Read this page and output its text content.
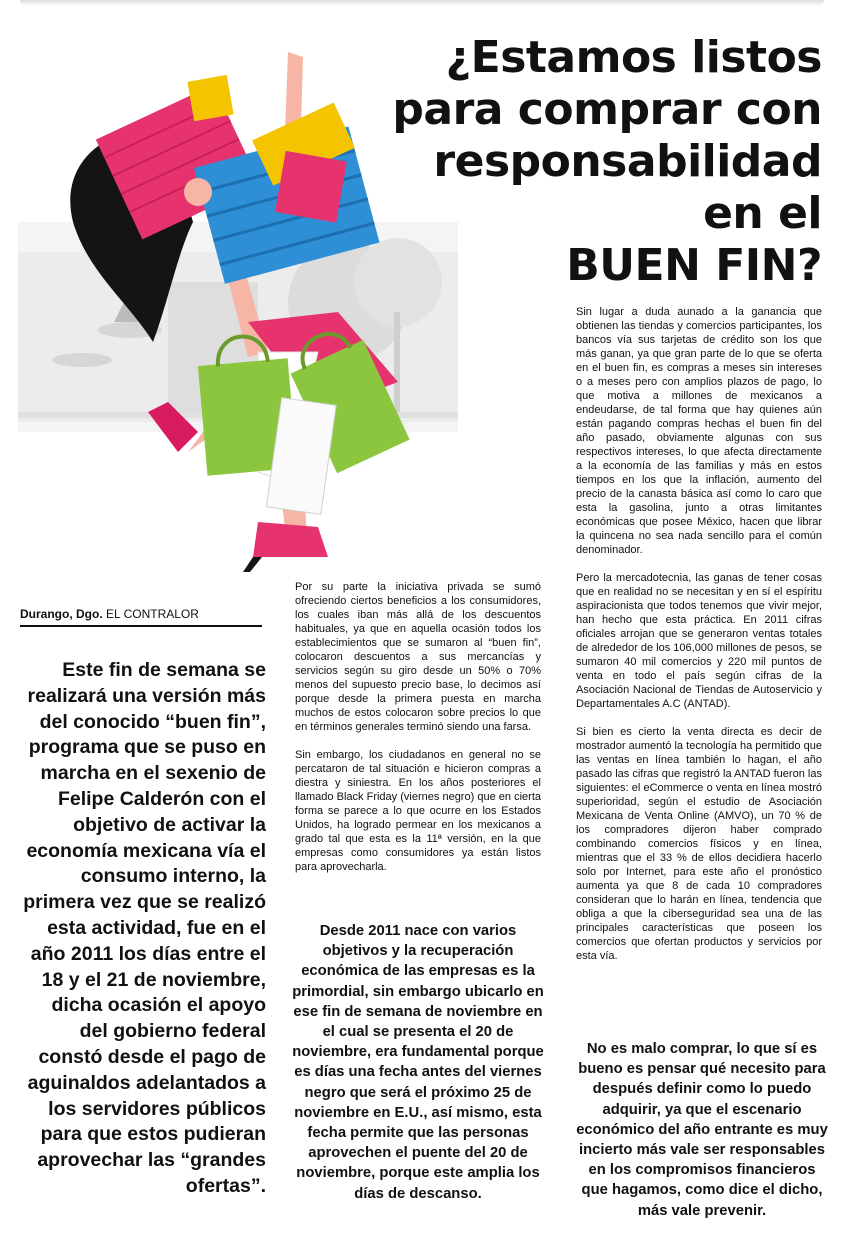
¿Estamos listos
para comprar con
responsabilidad
en el
BUEN FIN?
Durango, Dgo. EL CONTRALOR

Este fin de semana se realizará una versión más del conocido “buen fin”, programa que se puso en marcha en el sexenio de Felipe Calderón con el objetivo de activar la economía mexicana vía el consumo interno, la primera vez que se realizó esta actividad, fue en el año 2011 los días entre el 18 y el 21 de noviembre, dicha ocasión el apoyo del gobierno federal constó desde el pago de aguinaldos adelantados a los servidores públicos para que estos pudieran aprovechar las “grandes ofertas”.

Por su parte la iniciativa privada se sumó ofreciendo ciertos beneficios a los consumidores, los cuales iban más allá de los descuentos habituales, ya que en aquella ocasión todos los establecimientos que se sumaron al “buen fin”, colocaron descuentos a sus mercancías y servicios según su giro desde un 50% o 70% menos del supuesto precio base, lo decimos así porque desde la primera puesta en marcha muchos de estos colocaron sobre precios lo que en términos generales terminó siendo una farsa.

Sin embargo, los ciudadanos en general no se percataron de tal situación e hicieron compras a diestra y siniestra. En los años posteriores el llamado Black Friday (viernes negro) que en cierta forma se parece a lo que ocurre en los Estados Unidos, ha logrado permear en los mexicanos a grado tal que esta es la 11ª versión, en la que empresas como consumidores ya están listos para aprovecharla.

Desde 2011 nace con varios objetivos y la recuperación económica de las empresas es la primordial, sin embargo ubicarlo en ese fin de semana de noviembre en el cual se presenta el 20 de noviembre, era fundamental porque es días una fecha antes del viernes negro que será el próximo 25 de noviembre en E.U., así mismo, esta fecha permite que las personas aprovechen el puente del 20 de noviembre, porque este amplia los días de descanso.

Sin lugar a duda aunado a la ganancia que obtienen las tiendas y comercios participantes, los bancos vía sus tarjetas de crédito son los que más ganan, ya que gran parte de lo que se oferta en el buen fin, es compras a meses sin intereses o a meses pero con amplios plazos de pago, lo que motiva a millones de mexicanos a endeudarse, de tal forma que hay quienes aún están pagando compras hechas el buen fin del año pasado, obviamente algunas con sus respectivos intereses, lo que afecta directamente a la economía de las familias y más en estos tiempos en los que la inflación, aumento del precio de la canasta básica así como lo caro que esta la gasolina, junto a otras limitantes económicas que posee México, hacen que librar la quincena no sea nada sencillo para el común denominador.

Pero la mercadotecnia, las ganas de tener cosas que en realidad no se necesitan y en sí el espíritu aspiracionista que todos tenemos que vivir mejor, han hecho que esta práctica. En 2011 cifras oficiales arrojan que se generaron ventas totales de alrededor de los 106,000 millones de pesos, se sumaron 40 mil comercios y 220 mil puntos de venta en todo el país según cifras de la Asociación Nacional de Tiendas de Autoservicio y Departamentales A.C (ANTAD).

Si bien es cierto la venta directa es decir de mostrador aumentó la tecnología ha permitido que las ventas en línea también lo hagan, el año pasado las cifras que registró la ANTAD fueron las siguientes: el eCommerce o venta en línea mostró superioridad, según el estudio de Asociación Mexicana de Venta Online (AMVO), un 70 % de los compradores dijeron haber comprado combinando comercios físicos y en línea, mientras que el 33 % de ellos decidiera hacerlo solo por Internet, para este año el pronóstico aumenta ya que 8 de cada 10 compradores consideran que lo harán en línea, tendencia que obliga a que la ciberseguridad sea una de las principales características que poseen los comercios que ofertan productos y servicios por esta vía.

No es malo comprar, lo que sí es bueno es pensar qué necesito para después definir como lo puedo adquirir, ya que el escenario económico del año entrante es muy incierto más vale ser responsables en los compromisos financieros que hagamos, como dice el dicho, más vale prevenir.
